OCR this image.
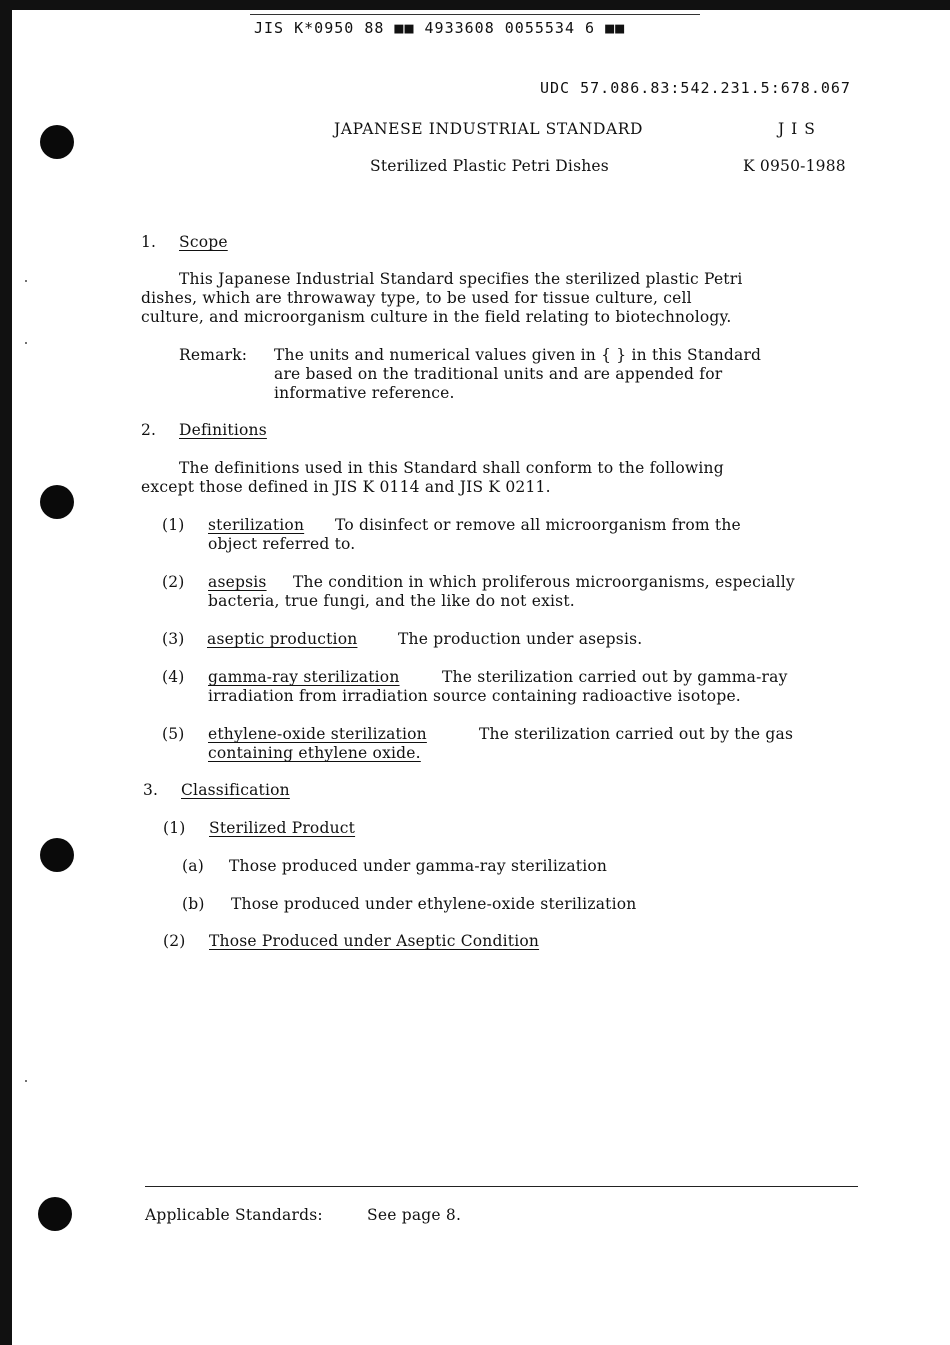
JIS K*0950 88 ■■ 4933608 0055534 6 ■■
UDC 57.086.83:542.231.5:678.067
JAPANESE INDUSTRIAL STANDARD	J I S
Sterilized Plastic Petri Dishes	K 0950-1988
1. Scope
This Japanese Industrial Standard specifies the sterilized plastic Petri
dishes, which are throwaway type, to be used for tissue culture, cell
culture, and microorganism culture in the field relating to biotechnology.
Remark: The units and numerical values given in { } in this Standard
are based on the traditional units and are appended for
informative reference.
2. Definitions
The definitions used in this Standard shall conform to the following
except those defined in JIS K 0114 and JIS K 0211.
(1) sterilization To disinfect or remove all microorganism from the
object referred to.
(2) asepsis The condition in which proliferous microorganisms, especially
bacteria, true fungi, and the like do not exist.
(3) aseptic production	The production under asepsis.
(4) gamma-ray sterilization	The sterilization carried out by gamma-ray
irradiation from irradiation source containing radioactive isotope.
(5) ethylene-oxide sterilization	The sterilization carried out by the gas
containing ethylene oxide.
3. Classification
(1) Sterilized Product
(a) Those produced under gamma-ray sterilization
(b) Those produced under ethylene-oxide sterilization
(2) Those Produced under Aseptic Condition
Applicable Standards:	See page 8.
